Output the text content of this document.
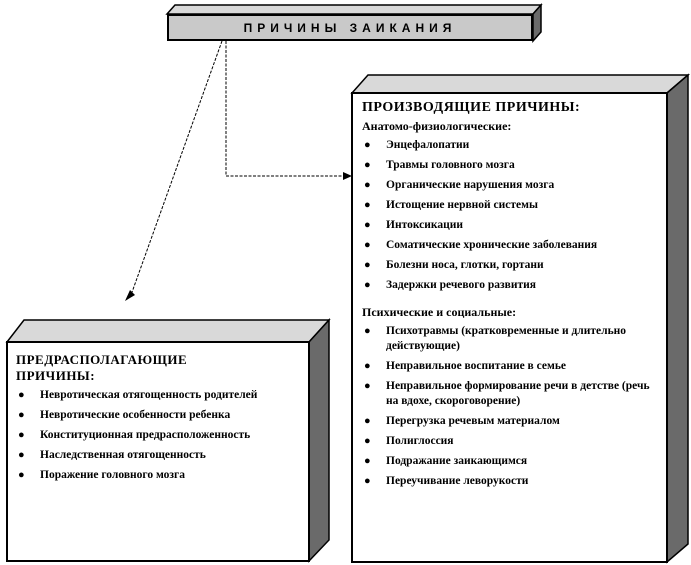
ПРИЧИНЫ ЗАИКАНИЯ
ПРОИЗВОДЯЩИЕ ПРИЧИНЫ:
Анатомо-физиологические:
● Энцефалопатии
● Травмы головного мозга
● Органические нарушения мозга
● Истощение нервной системы
● Интоксикации
● Соматические хронические заболевания
● Болезни носа, глотки, гортани
● Задержки речевого развития
Психические и социальные:
● Психотравмы (кратковременные и длительно действующие)
● Неправильное воспитание в семье
● Неправильное формирование речи в детстве (речь на вдохе, скороговорение)
● Перегрузка речевым материалом
● Полиглоссия
● Подражание заикающимся
● Переучивание леворукости
ПРЕДРАСПОЛАГАЮЩИЕ
ПРИЧИНЫ:
● Невротическая отягощенность родителей
● Невротические особенности ребенка
● Конституционная предрасположенность
● Наследственная отягощенность
● Поражение головного мозга
